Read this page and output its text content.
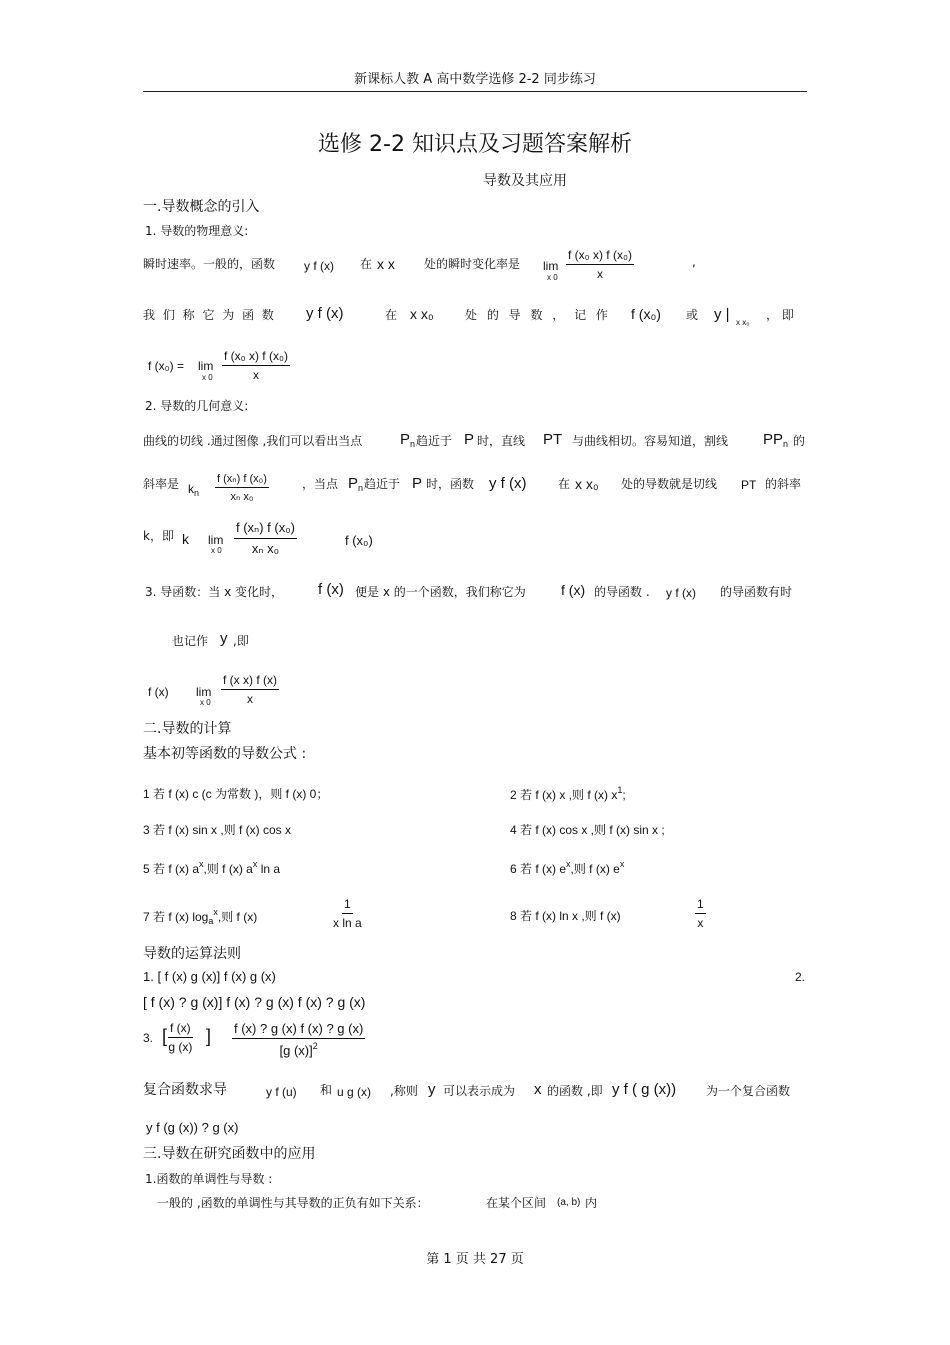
新课标人教 A 高中数学选修 2-2 同步练习
选修 2-2 知识点及习题答案解析
导数及其应用
一.导数概念的引入
1. 导数的物理意义:
瞬时速率。一般的，函数 y f (x) 在 x x 处的瞬时变化率是 lim
x $0 \frac{\text{f (x₀ x) f (x₀)}}{x}$	,
我 们 称 它 为 函 数 y f (x)	在 x x₀	处 的 导 数 ， 记 作 f (x₀) 或 y | x x₀
， 即
f (x₀) = lim
x $0 \frac{\text{f (x₀ x) f (x₀)}}{x}$
2. 导数的几何意义:
曲线的切线 .通过图像 ,我们可以看出当点	$P_n$ 趋近于 P 时，直线 PT 与曲线相切。容易知道，割线 $PP_n$ 的
斜率是 $k_n \frac{\text{f (xₙ) f (x₀)}}{\text{xₙ x₀}}$	，当点 $P_n$ 趋近于 P 时，函数 y f (x)	在 x x₀ 处的导数就是切线 PT 的斜率
k，即 k lim
x $0 \frac{\text{f (xₙ) f (x₀)}}{\text{xₙ x₀}}$	f (x₀)
3. 导函数：当 x 变化时， f (x) 便是 x 的一个函数，我们称它为	f (x) 的导函数 . y f (x) 的导函数有时
也记作 y ,即
f (x) lim
x $0 \frac{\text{f (x x) f (x)}}{x}$
二.导数的计算
基本初等函数的导数公式 :
1 若 f (x) c (c 为常数 )，则 f (x) 0；	2 若 f (x) x ,则 f (x) $x^1$;
3 若 f (x) sin x ,则 f (x) cos x	4 若 f (x) cos x ,则 f (x) sin x ;
5 若 f (x) $a^x$,则 f (x) $a^x$ ln a	6 若 f (x) $e^x$,则 f (x) $e^x$
7 若 f (x) $\log_a^x$,则 f (x)	$\frac{1}{\text{x ln a}}$	8 若 f (x) ln x ,则 f (x)	$\frac{1}{x}$
导数的运算法则
1. [ f (x) g (x)] f (x) g (x)	2.
[ f (x) ? g (x)] f (x) ? g (x) f (x) ? g (x)
3. [ $\frac{f (x)}{g (x)}$ ] $\frac{f (x) ? g (x) f (x) ? g (x)}{[g (x)]^2}$
复合函数求导	y f (u) 和 u g (x) ,称则 y 可以表示成为 x 的函数 ,即 y f ( g (x)) 为一个复合函数
y f (g (x)) ? g (x)
三.导数在研究函数中的应用
1.函数的单调性与导数 :
一般的 ,函数的单调性与其导数的正负有如下关系：	在某个区间 (a, b) 内
第 1 页 共 27 页
